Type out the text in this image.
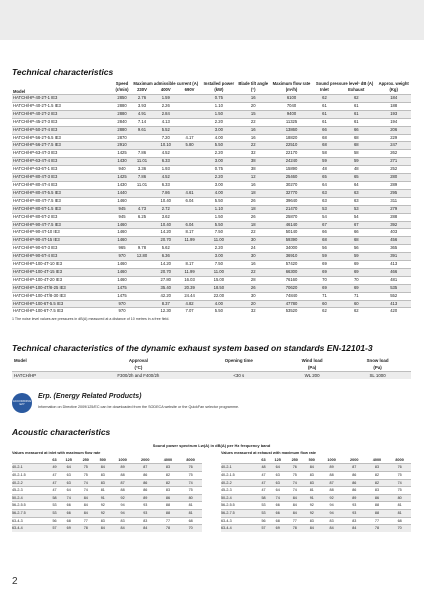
Technical characteristics
Model	Speed	Maximum admissible current (A)			Installed power	Blade tilt angle	Maximum flow rate	Sound pressure level¹ dB (A)		Approx. weight
	(r/min)	230V	400V	690V	(kW)	(°)	(m³/h)	Inlet	Exhaust	(Kg)
HATCH/HP-40-2T-1 IE3	2850	2.76	1.59		0.75	16	6100	62	62	184
HATCH/HP-40-2T-1.5 IE3	2880	3.93	2.26		1.10	20	7040	61	61	188
HATCH/HP-40-2T-2 IE3	2880	4.91	2.84		1.50	15	9400	61	61	193
HATCH/HP-45-2T-3 IE3	2840	7.14	4.13		2.20	22	11325	61	61	194
HATCH/HP-50-2T-4 IE3	2880	9.61	5.52		3.00	16	13860	66	66	206
HATCH/HP-56-2T-5.5 IE3	2870		7.20	4.17	4.00	16	18820	68	68	229
HATCH/HP-56-2T-7.5 IE3	2910		10.10	5.80	5.50	22	22510	68	68	247
HATCH/HP-63-4T-3 IE3	1425	7.86	4.52		2.20	32	22170	58	58	262
HATCH/HP-63-4T-4 IE3	1430	11.01	6.33		3.00	38	24240	59	59	271
HATCH/HP-63-6T-1 IE3	940	3.36	1.93		0.75	38	15890	48	48	252
HATCH/HP-80-4T-3 IE3	1425	7.86	4.52		2.20	12	25460	65	65	280
HATCH/HP-80-4T-4 IE3	1430	11.01	6.33		3.00	16	30270	64	64	289
HATCH/HP-80-4T-5.5 IE3	1440		7.86	4.61	4.00	18	32770	63	63	295
HATCH/HP-80-4T-7.5 IE3	1460		10.40	6.04	5.50	26	39640	63	63	311
HATCH/HP-80-6T-1.5 IE3	945	4.73	2.72		1.10	18	21470	53	53	279
HATCH/HP-80-6T-2 IE3	945	6.25	3.62		1.50	26	25870	54	54	288
HATCH/HP-90-4T-7.5 IE3	1460		10.40	6.04	5.50	18	46140	67	67	392
HATCH/HP-90-4T-10 IE3	1460		14.20	8.17	7.50	22	50140	66	66	403
HATCH/HP-90-4T-15 IE3	1460		20.70	11.99	11.00	30	59390	68	68	456
HATCH/HP-90-6T-3 IE3	965	9.78	5.62		2.20	24	34000	56	56	365
HATCH/HP-90-6T-4 IE3	970	12.80	6.36		3.00	30	36910	59	59	391
HATCH/HP-100-4T-10 IE3	1460		14.20	8.17	7.50	16	57420	69	69	413
HATCH/HP-100-4T-15 IE3	1460		20.70	11.99	11.00	22	66300	69	69	466
HATCH/HP-100-4T-20 IE3	1460		27.80	16.03	15.00	28	76160	70	70	481
HATCH/HP-100-4T/8-25 IE3	1475		35.40	20.39	18.50	26	70620	69	69	535
HATCH/HP-100-4T/8-30 IE3	1475		42.20	24.44	22.00	30	74840	71	71	552
HATCH/HP-100-6T-5.5 IE3	970		8.37	4.82	4.00	20	47780	60	60	413
HATCH/HP-100-6T-7.5 IE3	970		12.30	7.07	5.50	32	53520	62	62	420
1 The noise level values are pressures in dB(A) measured at a distance of 10 metres in a free field.
Technical characteristics of the dynamic exhaust system based on standards EN-12101-3
Model	Approval	Opening time	Wind load	Snow load
	(°C)		(Pa)	(Pa)
HATCH/HP	F300/2h and F400/2h	<30 s	WL 200	SL 1000
ACCORDING ErP
Erp. (Energy Related Products)
Information on Directive 2009/125/EC can be downloaded from the SODECA website or the QuickFan selector programme.
Acoustic characteristics
Sound power spectrum Lw(A) in dB(A) per Hz frequency band
Values measured at inlet with maximum flow rate
	63	125	250	500	1000	2000	4000	8000
40-2-1	49	64	75	84	89	87	83	76
40-2-1.5	47	63	75	83	88	86	82	75
40-2-2	47	63	74	83	87	86	82	74
45-2-3	47	64	74	81	88	86	83	75
50-2-4	58	74	84	91	92	89	86	80
56-2-5.5	53	66	84	92	94	93	88	81
56-2-7.5	53	66	84	92	94	93	88	81
63-4-3	56	68	77	83	83	83	77	68
63-4-4	57	69	78	84	84	84	78	70
Values measured at exhaust with maximum flow rate
	63	125	250	500	1000	2000	4000	8000
40-2-1	48	64	76	84	89	87	83	76
40-2-1.5	47	63	75	83	88	86	82	75
40-2-2	47	63	74	83	87	86	82	74
45-2-3	47	64	74	81	88	86	83	75
50-2-4	58	74	84	91	92	89	86	80
56-2-5.5	53	66	84	92	94	93	88	81
56-2-7.5	53	66	84	92	94	93	88	81
63-4-3	56	68	77	83	83	83	77	68
63-4-4	57	69	78	84	84	84	78	70
2
